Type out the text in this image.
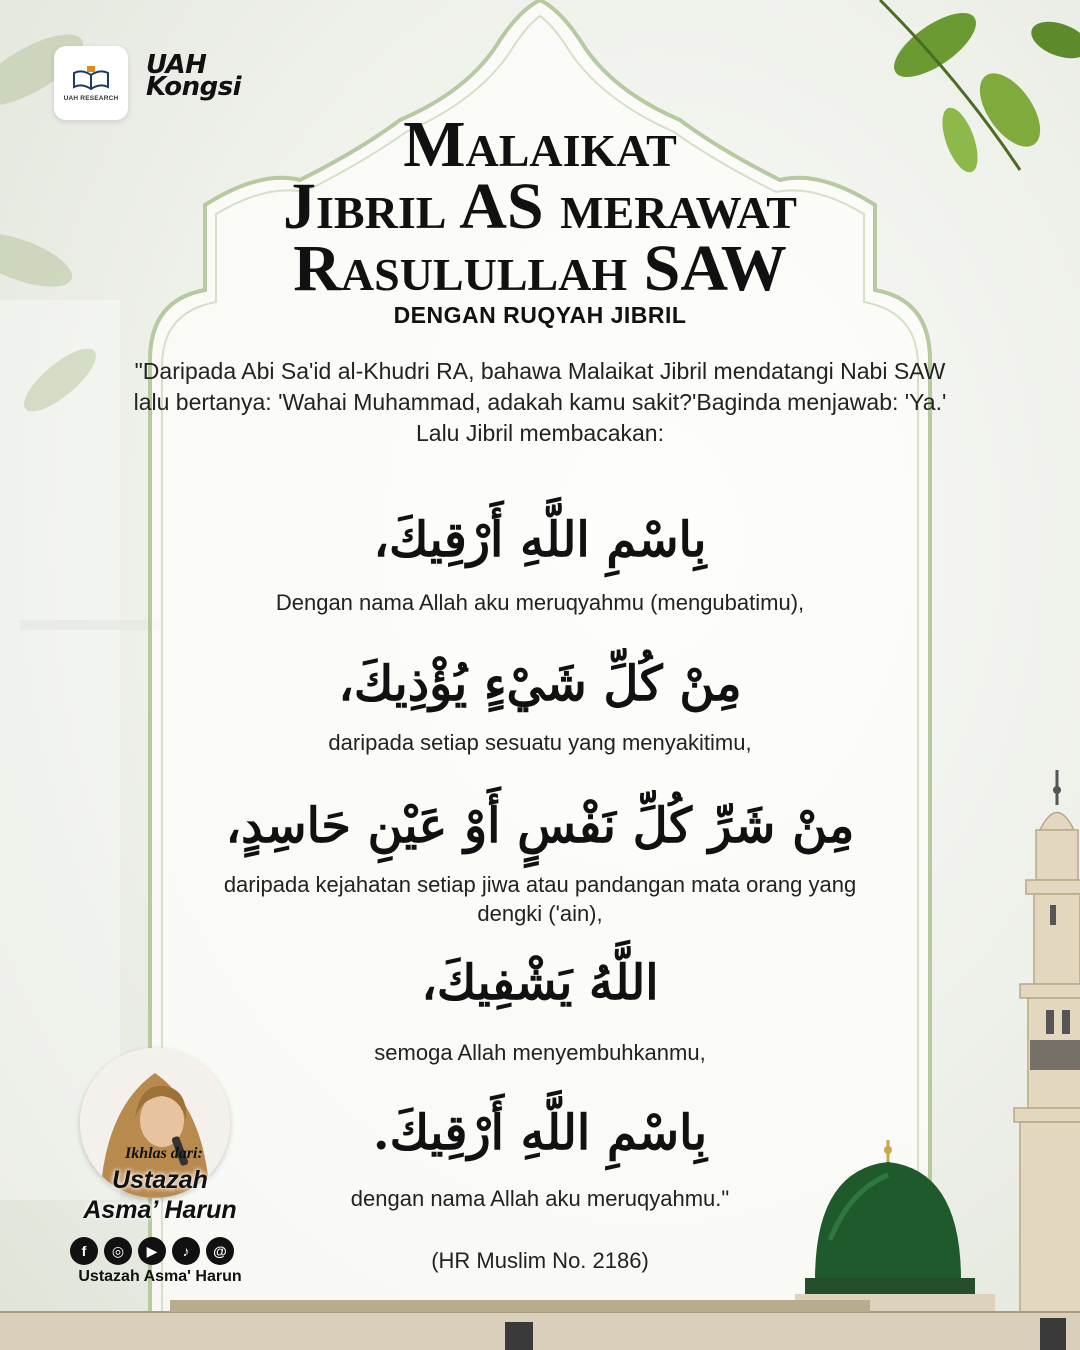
UAH RESEARCH
UAH
Kongsi
Malaikat
Jibril AS merawat
Rasulullah SAW
DENGAN RUQYAH JIBRIL
"Daripada Abi Sa'id al-Khudri RA, bahawa Malaikat Jibril mendatangi Nabi SAW lalu bertanya: 'Wahai Muhammad, adakah kamu sakit?'Baginda menjawab: 'Ya.' Lalu Jibril membacakan:
بِاسْمِ اللَّهِ أَرْقِيكَ،
Dengan nama Allah aku meruqyahmu (mengubatimu),
مِنْ كُلِّ شَيْءٍ يُؤْذِيكَ،
daripada setiap sesuatu yang menyakitimu,
مِنْ شَرِّ كُلِّ نَفْسٍ أَوْ عَيْنِ حَاسِدٍ،
daripada kejahatan setiap jiwa atau pandangan mata orang yang dengki ('ain),
اللَّهُ يَشْفِيكَ،
semoga Allah menyembuhkanmu,
بِاسْمِ اللَّهِ أَرْقِيكَ.
dengan nama Allah aku meruqyahmu."
(HR Muslim No. 2186)
Ikhlas dari:
Ustazah
Asma’ Harun
f	◎	▶	♪	@
Ustazah Asma' Harun
